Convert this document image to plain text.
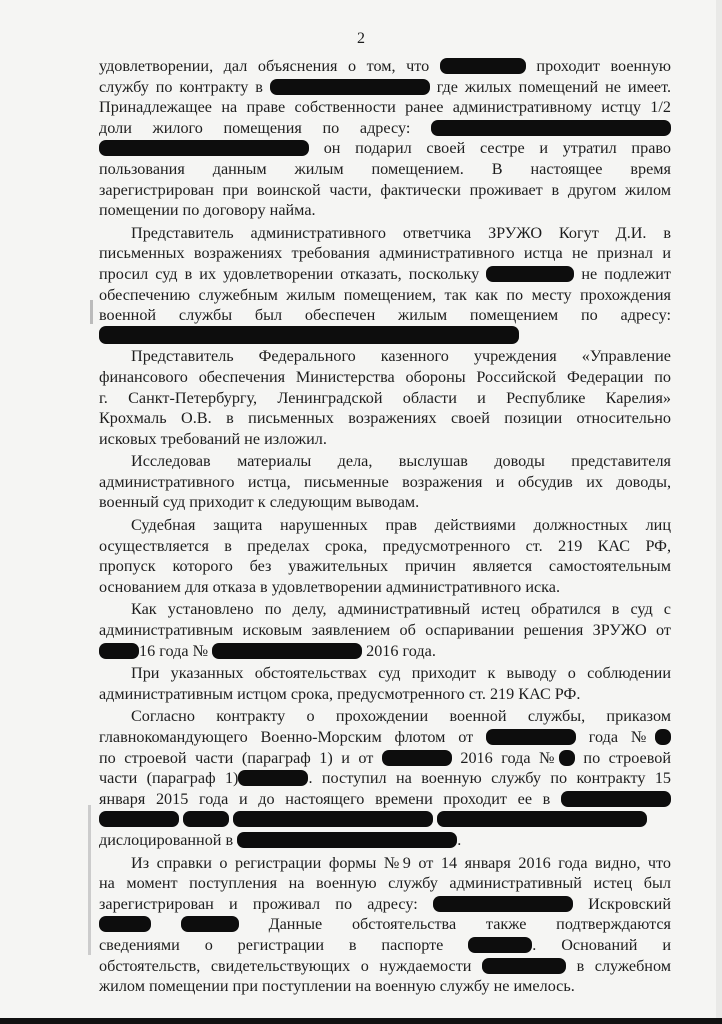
2
удовлетворении, дал объяснения о том, что	проходит военную
службу по контракту в	где жилых помещений не имеет.
Принадлежащее на праве собственности ранее административному истцу 1/2
доли жилого помещения по адресу:
он подарил своей сестре и утратил право
пользования данным жилым помещением. В настоящее время
зарегистрирован при воинской части, фактически проживает в другом жилом
помещении по договору найма.
Представитель административного ответчика ЗРУЖО Когут Д.И. в
письменных возражениях требования административного истца не признал и
просил суд в их удовлетворении отказать, поскольку	не подлежит
обеспечению служебным жилым помещением, так как по месту прохождения
военной службы был обеспечен жилым помещением по адресу:
Представитель Федерального казенного учреждения «Управление
финансового обеспечения Министерства обороны Российской Федерации по
г. Санкт-Петербургу, Ленинградской области и Республике Карелия»
Крохмаль О.В. в письменных возражениях своей позиции относительно
исковых требований не изложил.
Исследовав материалы дела, выслушав доводы представителя
административного истца, письменные возражения и обсудив их доводы,
военный суд приходит к следующим выводам.
Судебная защита нарушенных прав действиями должностных лиц
осуществляется в пределах срока, предусмотренного ст. 219 КАС РФ,
пропуск которого без уважительных причин является самостоятельным
основанием для отказа в удовлетворении административного иска.
Как установлено по делу, административный истец обратился в суд с
административным исковым заявлением об оспаривании решения ЗРУЖО от
16 года №	2016 года.
При указанных обстоятельствах суд приходит к выводу о соблюдении
административным истцом срока, предусмотренного ст. 219 КАС РФ.
Согласно контракту о прохождении военной службы, приказом
главнокомандующего Военно-Морским флотом от	года №
по строевой части (параграф 1) и от	2016 года № по строевой
части (параграф 1)	. поступил на военную службу по контракту 15
января 2015 года и до настоящего времени проходит ее в

дислоцированной в	.
Из справки о регистрации формы №9 от 14 января 2016 года видно, что
на момент поступления на военную службу административный истец был
зарегистрирован и проживал по адресу:	Искровский
Данные обстоятельства также подтверждаются
сведениями о регистрации в паспорте	. Оснований и
обстоятельств, свидетельствующих о нуждаемости	в служебном
жилом помещении при поступлении на военную службу не имелось.
